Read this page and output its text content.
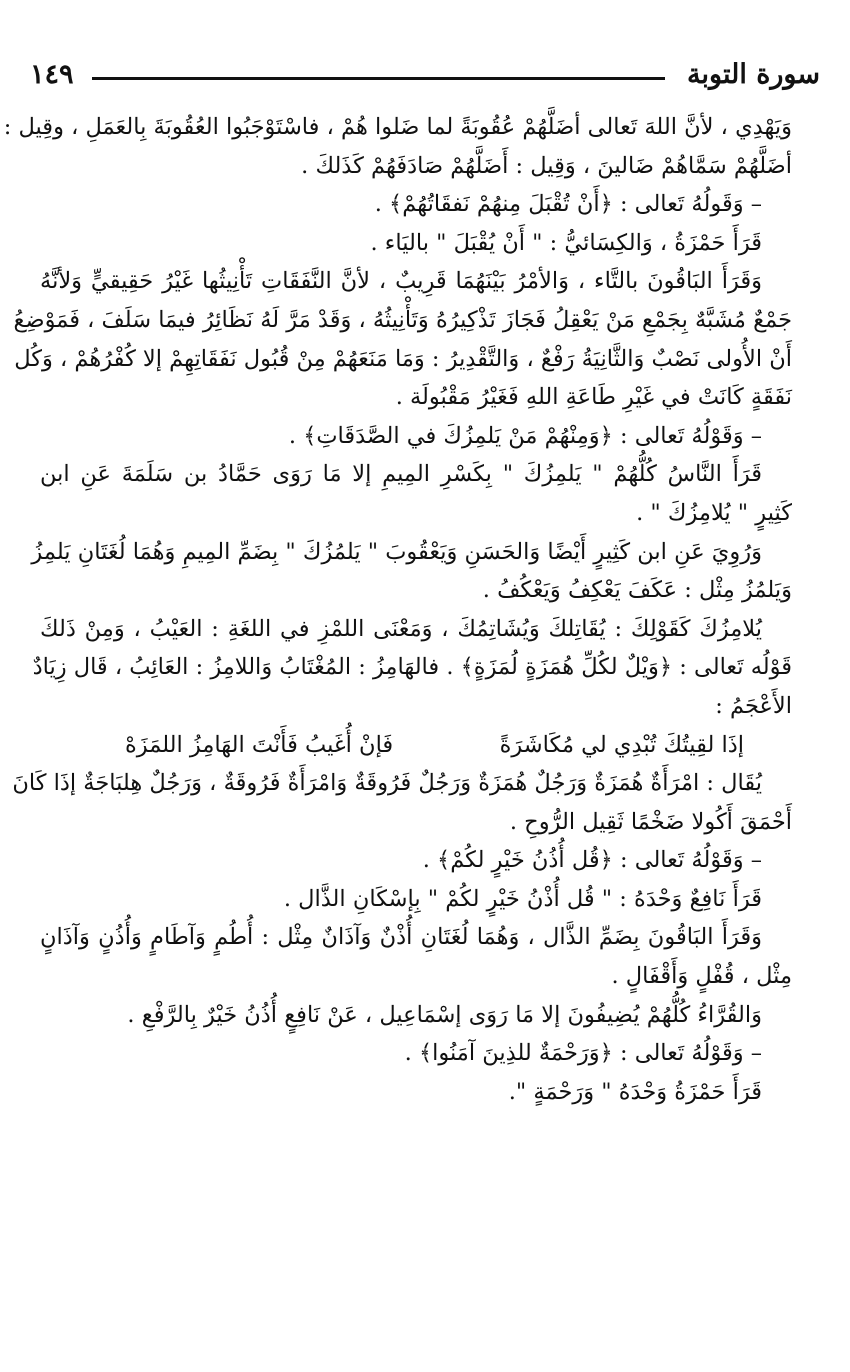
سورة التوبة
١٤٩
وَيَهْدِي ، لأنَّ اللهَ تَعالى أضَلَّهُمْ عُقُوبَةً لما ضَلوا هُمْ ، فاسْتَوْجَبُوا العُقُوبَةَ بِالعَمَلِ ، وقِيل :
أضَلَّهُمْ سَمَّاهُمْ ضَالينَ ، وَقِيل : أَضَلَّهُمْ صَادَفَهُمْ كَذَلكَ .
– وَقَولُهُ تَعالى : ﴿أَنْ تُقْبَلَ مِنهُمْ نَفقَاتُهُمْ﴾ .
قَرَأَ حَمْزَةُ ، وَالكِسَائيُّ : " أَنْ يُقْبَلَ " باليَاء .
وَقَرَأَ البَاقُونَ بالتَّاء ، وَالأمْرُ بَيْنَهُمَا قَرِيبٌ ، لأنَّ النَّفَقَاتِ تَأْنِيثُها غَيْرُ حَقِيقيٍّ وَلأنَّهُ
جَمْعٌ مُشَبَّهٌ بِجَمْعِ مَنْ يَعْقِلُ فَجَازَ تَذْكِيرُهُ وَتَأْنِيثُهُ ، وَقَدْ مَرَّ لَهُ نَظَائِرُ فيمَا سَلَفَ ، فَمَوْضِعُ
أَنْ الأُولى نَصْبٌ وَالثَّانِيَةُ رَفْعٌ ، وَالتَّقْدِيرُ : وَمَا مَنَعَهُمْ مِنْ قُبُول نَفَقَاتِهِمْ إلا كُفْرُهُمْ ، وَكُل
نَفَقَةٍ كَانَتْ في غَيْرِ طَاعَةِ اللهِ فَغَيْرُ مَقْبُولَة .
– وَقَوْلُهُ تَعالى : ﴿وَمِنْهُمْ مَنْ يَلمِزُكَ في الصَّدَقَاتِ﴾ .
قَرَأَ النَّاسُ كُلُّهُمْ " يَلمِزُكَ " بِكَسْرِ المِيمِ إلا مَا رَوَى حَمَّادُ بن سَلَمَةَ عَنِ ابن
كَثِيرٍ " يُلامِزُكَ " .
وَرُوِيَ عَنِ ابن كَثِيرٍ أَيْضًا وَالحَسَنِ وَيَعْقُوبَ " يَلمُزُكَ " بِضَمِّ المِيمِ وَهُمَا لُغَتَانِ يَلمِزُ
وَيَلمُزُ مِثْل : عَكَفَ يَعْكِفُ وَيَعْكُفُ .
يُلامِزُكَ كَقَوْلِكَ : يُقَاتِلكَ وَيُشَاتِمُكَ ، وَمَعْنَى اللمْزِ في اللغَةِ : العَيْبُ ، وَمِنْ ذَلكَ
قَوْلُه تَعالى : ﴿وَيْلٌ لكُلِّ هُمَزَةٍ لُمَزَةٍ﴾ . فالهَامِزُ : المُغْتَابُ وَاللامِزُ : العَائِبُ ، قَال زِيَادٌ
الأَعْجَمُ :
إذَا لقِيتُكَ تُبْدِي لي مُكَاشَرَةً
فَإنْ أُغَيبُ فَأَنْتَ الهَامِزُ اللمَزَهْ
يُقَال : امْرَأَةٌ هُمَزَةٌ وَرَجُلٌ هُمَزَةٌ وَرَجُلٌ فَرُوقَةٌ وَامْرَأَةٌ فَرُوقَةٌ ، وَرَجُلٌ هِلبَاجَةٌ إذَا كَانَ
أَحْمَقَ أَكُولا ضَخْمًا ثَقِيل الرُّوحِ .
– وَقَوْلُهُ تَعالى : ﴿قُل أُذُنُ خَيْرٍ لكُمْ﴾ .
قَرَأَ نَافِعٌ وَحْدَهُ : " قُل أُذْنُ خَيْرٍ لكُمْ " بِإسْكَانِ الذَّال .
وَقَرَأَ البَاقُونَ بِضَمِّ الذَّال ، وَهُمَا لُغَتَانِ أُذْنٌ وَآذَانٌ مِثْل : أُطُمٍ وَآطَامٍ وَأُذُنٍ وَآذَانٍ
مِثْل ، قُفْلٍ وَأَقْفَالٍ .
وَالقُرَّاءُ كُلُّهُمْ يُضِيفُونَ إلا مَا رَوَى إسْمَاعِيل ، عَنْ نَافِعٍ أُذُنُ خَيْرٌ بِالرَّفْعِ .
– وَقَوْلُهُ تَعالى : ﴿وَرَحْمَةٌ للذِينَ آمَنُوا﴾ .
قَرَأَ حَمْزَةُ وَحْدَهُ " وَرَحْمَةٍ ".
